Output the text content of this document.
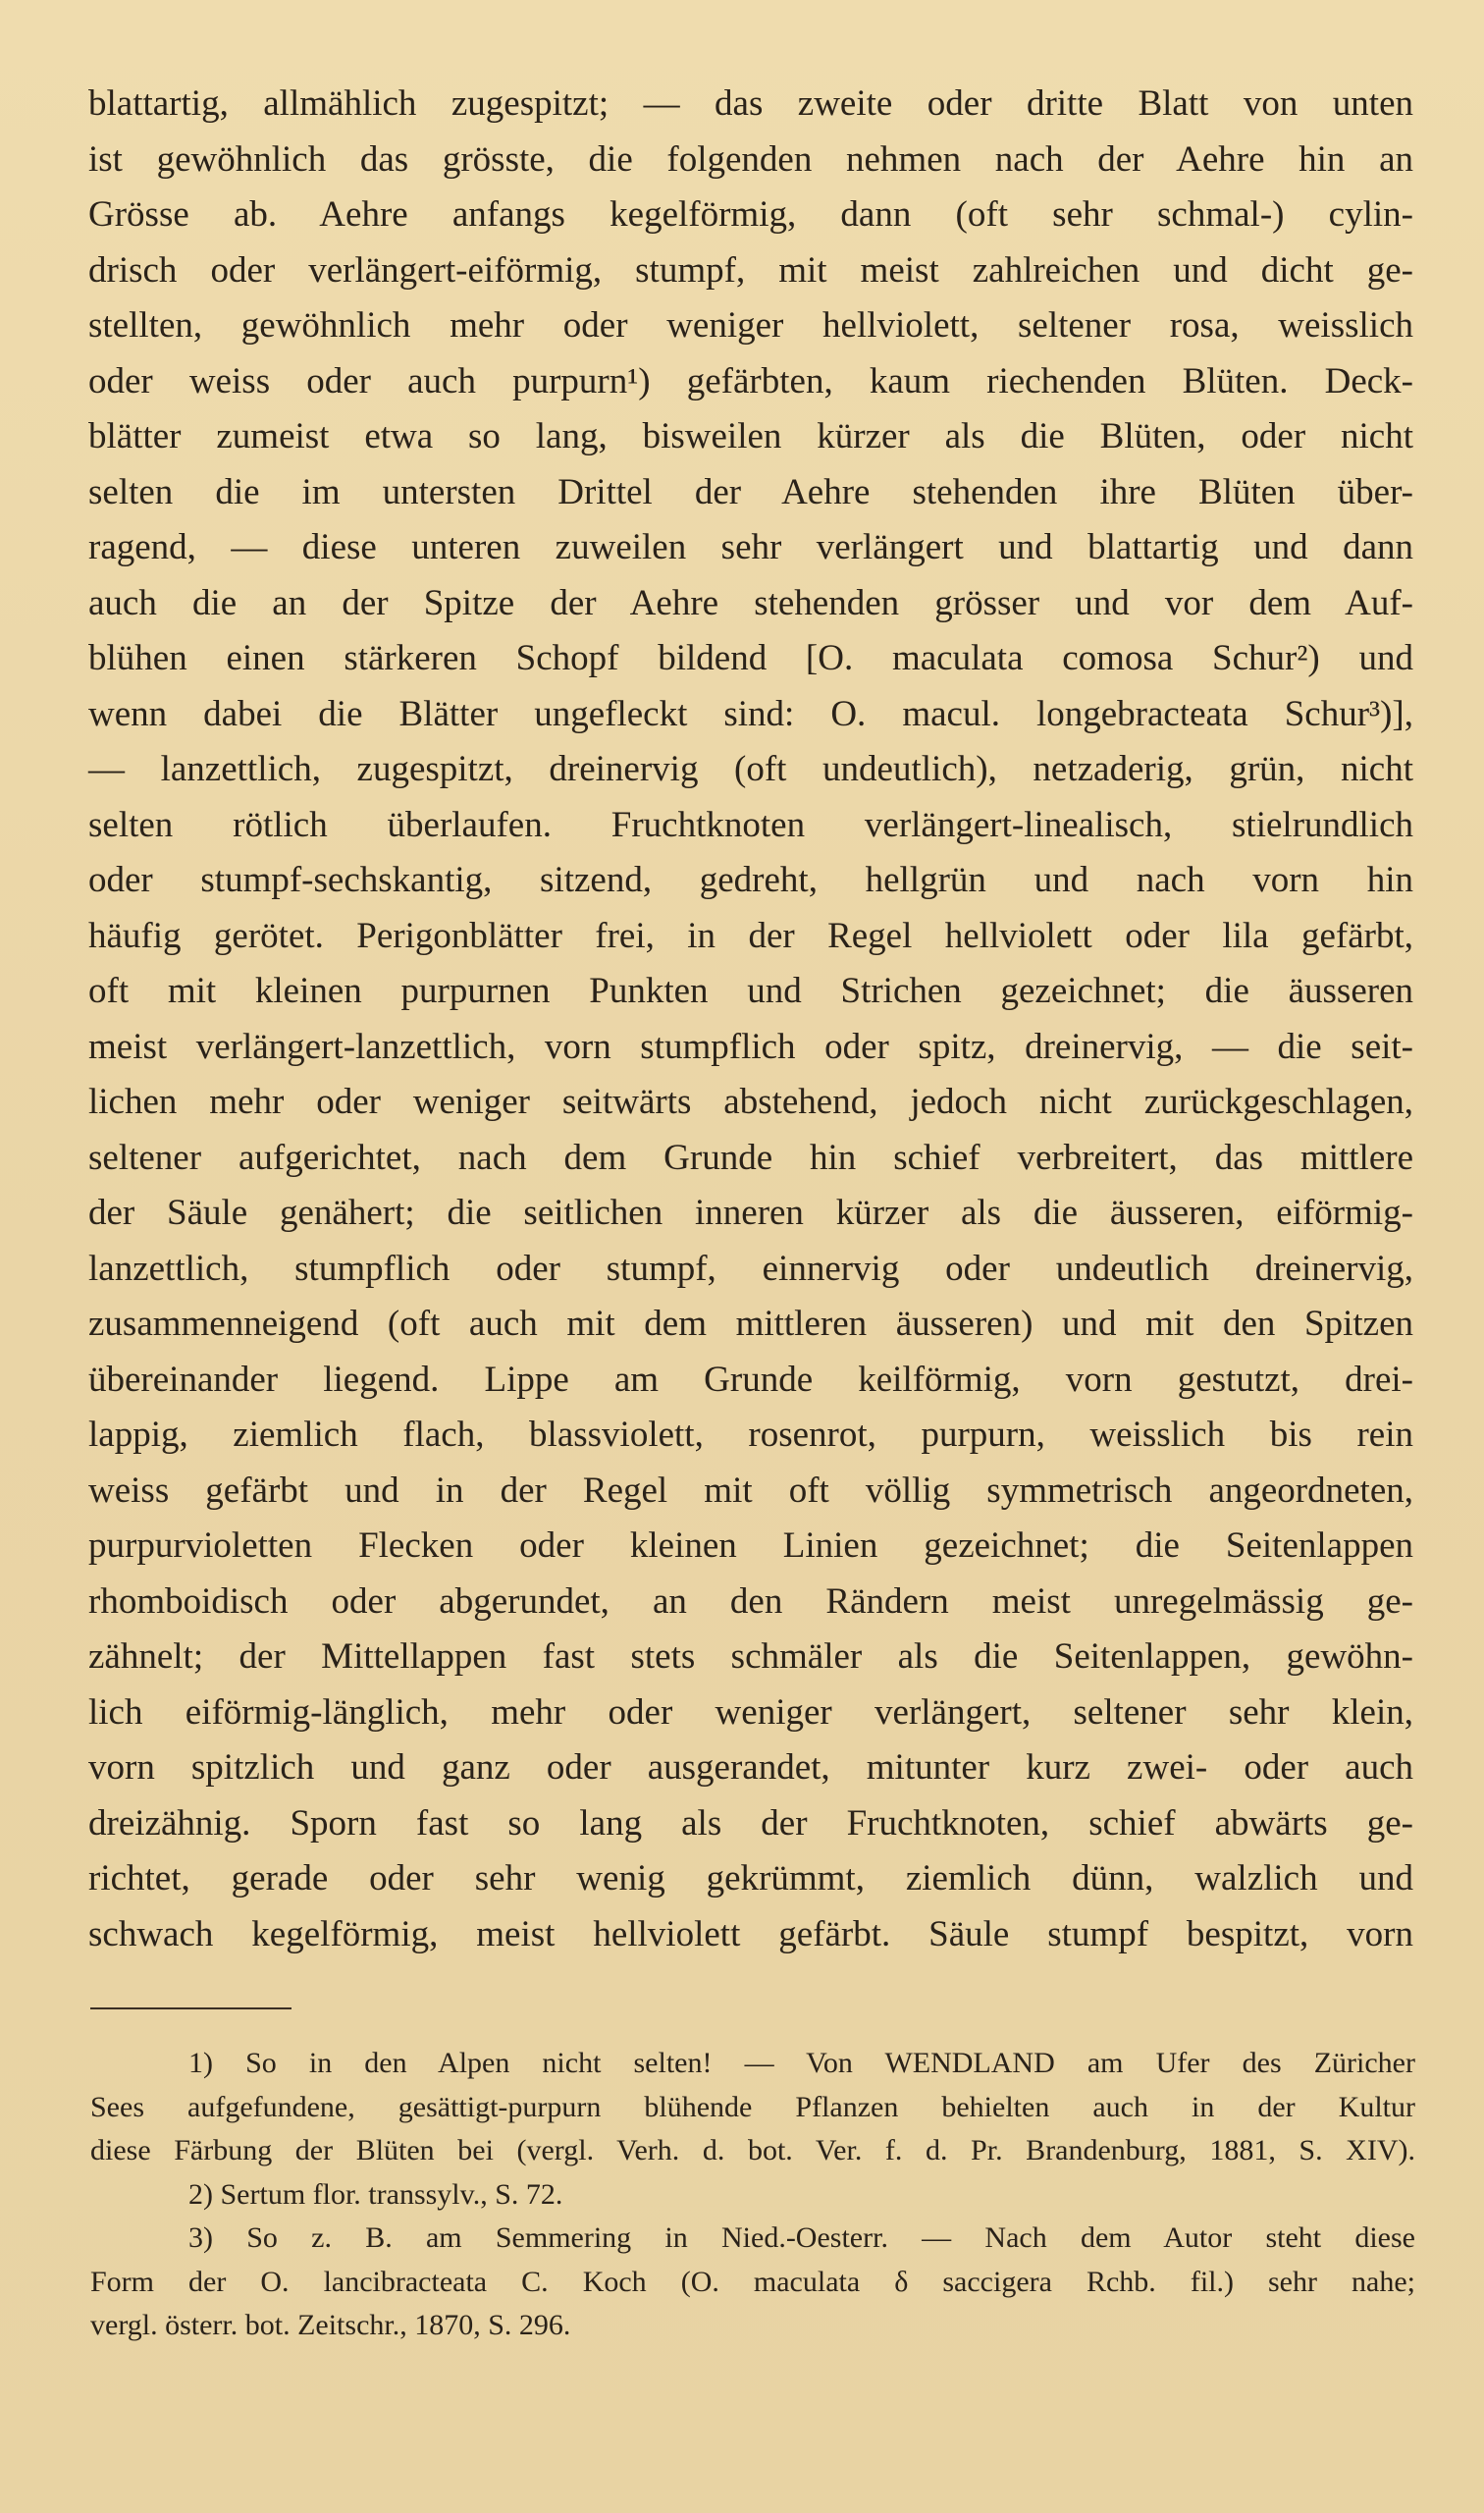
blattartig, allmählich zugespitzt; — das zweite oder dritte Blatt von unten
ist gewöhnlich das grösste, die folgenden nehmen nach der Aehre hin an
Grösse ab. Aehre anfangs kegelförmig, dann (oft sehr schmal-) cylin-
drisch oder verlängert-eiförmig, stumpf, mit meist zahlreichen und dicht ge-
stellten, gewöhnlich mehr oder weniger hellviolett, seltener rosa, weisslich
oder weiss oder auch purpurn¹) gefärbten, kaum riechenden Blüten. Deck-
blätter zumeist etwa so lang, bisweilen kürzer als die Blüten, oder nicht
selten die im untersten Drittel der Aehre stehenden ihre Blüten über-
ragend, — diese unteren zuweilen sehr verlängert und blattartig und dann
auch die an der Spitze der Aehre stehenden grösser und vor dem Auf-
blühen einen stärkeren Schopf bildend [O. maculata comosa Schur²) und
wenn dabei die Blätter ungefleckt sind: O. macul. longebracteata Schur³)],
— lanzettlich, zugespitzt, dreinervig (oft undeutlich), netzaderig, grün, nicht
selten rötlich überlaufen. Fruchtknoten verlängert-linealisch, stielrundlich
oder stumpf-sechskantig, sitzend, gedreht, hellgrün und nach vorn hin
häufig gerötet. Perigonblätter frei, in der Regel hellviolett oder lila gefärbt,
oft mit kleinen purpurnen Punkten und Strichen gezeichnet; die äusseren
meist verlängert-lanzettlich, vorn stumpflich oder spitz, dreinervig, — die seit-
lichen mehr oder weniger seitwärts abstehend, jedoch nicht zurückgeschlagen,
seltener aufgerichtet, nach dem Grunde hin schief verbreitert, das mittlere
der Säule genähert; die seitlichen inneren kürzer als die äusseren, eiförmig-
lanzettlich, stumpflich oder stumpf, einnervig oder undeutlich dreinervig,
zusammenneigend (oft auch mit dem mittleren äusseren) und mit den Spitzen
übereinander liegend. Lippe am Grunde keilförmig, vorn gestutzt, drei-
lappig, ziemlich flach, blassviolett, rosenrot, purpurn, weisslich bis rein
weiss gefärbt und in der Regel mit oft völlig symmetrisch angeordneten,
purpurvioletten Flecken oder kleinen Linien gezeichnet; die Seitenlappen
rhomboidisch oder abgerundet, an den Rändern meist unregelmässig ge-
zähnelt; der Mittellappen fast stets schmäler als die Seitenlappen, gewöhn-
lich eiförmig-länglich, mehr oder weniger verlängert, seltener sehr klein,
vorn spitzlich und ganz oder ausgerandet, mitunter kurz zwei- oder auch
dreizähnig. Sporn fast so lang als der Fruchtknoten, schief abwärts ge-
richtet, gerade oder sehr wenig gekrümmt, ziemlich dünn, walzlich und
schwach kegelförmig, meist hellviolett gefärbt. Säule stumpf bespitzt, vorn
1) So in den Alpen nicht selten! — Von WENDLAND am Ufer des Züricher
Sees aufgefundene, gesättigt-purpurn blühende Pflanzen behielten auch in der Kultur
diese Färbung der Blüten bei (vergl. Verh. d. bot. Ver. f. d. Pr. Brandenburg, 1881, S. XIV).
2) Sertum flor. transsylv., S. 72.
3) So z. B. am Semmering in Nied.-Oesterr. — Nach dem Autor steht diese
Form der O. lancibracteata C. Koch (O. maculata δ saccigera Rchb. fil.) sehr nahe;
vergl. österr. bot. Zeitschr., 1870, S. 296.
